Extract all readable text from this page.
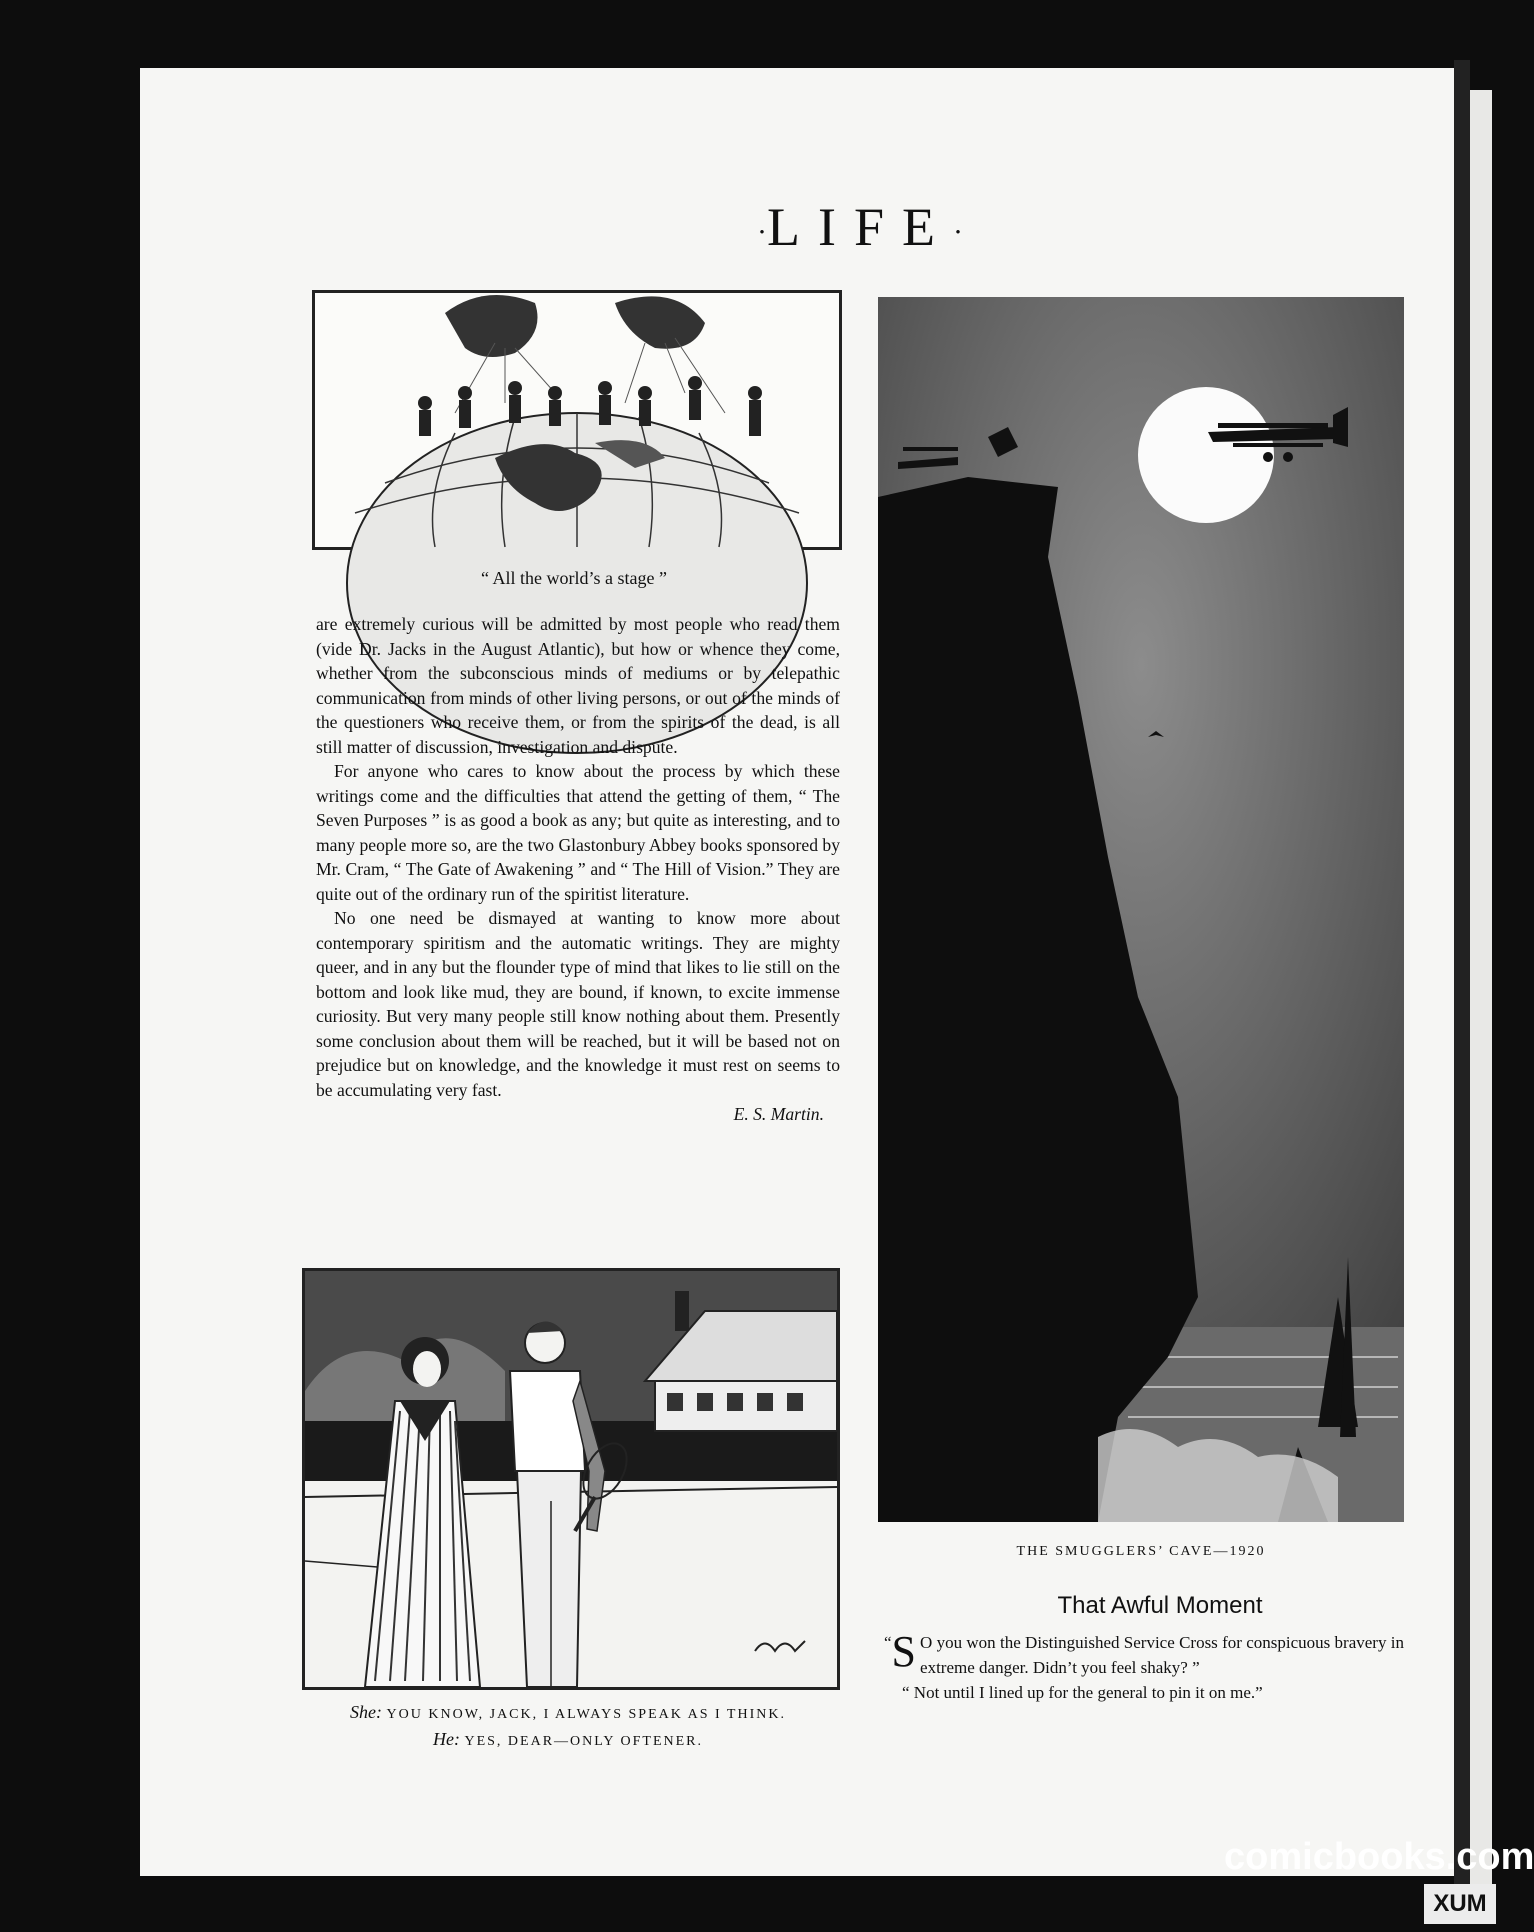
·LIFE·
“ All the world’s a stage ”

are extremely curious will be admitted by most people who read them (vide Dr. Jacks in the August Atlantic), but how or whence they come, whether from the subconscious minds of mediums or by telepathic communication from minds of other living persons, or out of the minds of the questioners who receive them, or from the spirits of the dead, is all still matter of discussion, investigation and dispute.

For anyone who cares to know about the process by which these writings come and the difficulties that attend the getting of them, “ The Seven Purposes ” is as good a book as any; but quite as interesting, and to many people more so, are the two Glastonbury Abbey books sponsored by Mr. Cram, “ The Gate of Awakening ” and “ The Hill of Vision.” They are quite out of the ordinary run of the spiritist literature.

No one need be dismayed at wanting to know more about contemporary spiritism and the automatic writings. They are mighty queer, and in any but the flounder type of mind that likes to lie still on the bottom and look like mud, they are bound, if known, to excite immense curiosity. But very many people still know nothing about them. Presently some conclusion about them will be reached, but it will be based not on prejudice but on knowledge, and the knowledge it must rest on seems to be accumulating very fast.

E. S. Martin.
She: YOU KNOW, JACK, I ALWAYS SPEAK AS I THINK.
He: YES, DEAR—ONLY OFTENER.
THE SMUGGLERS’ CAVE—1920
That Awful Moment

“ S O you won the Distinguished Service Cross for conspicuous bravery in extreme danger. Didn’t you feel shaky? ”

“ Not until I lined up for the general to pin it on me.”

comicbooks.com
XUM
